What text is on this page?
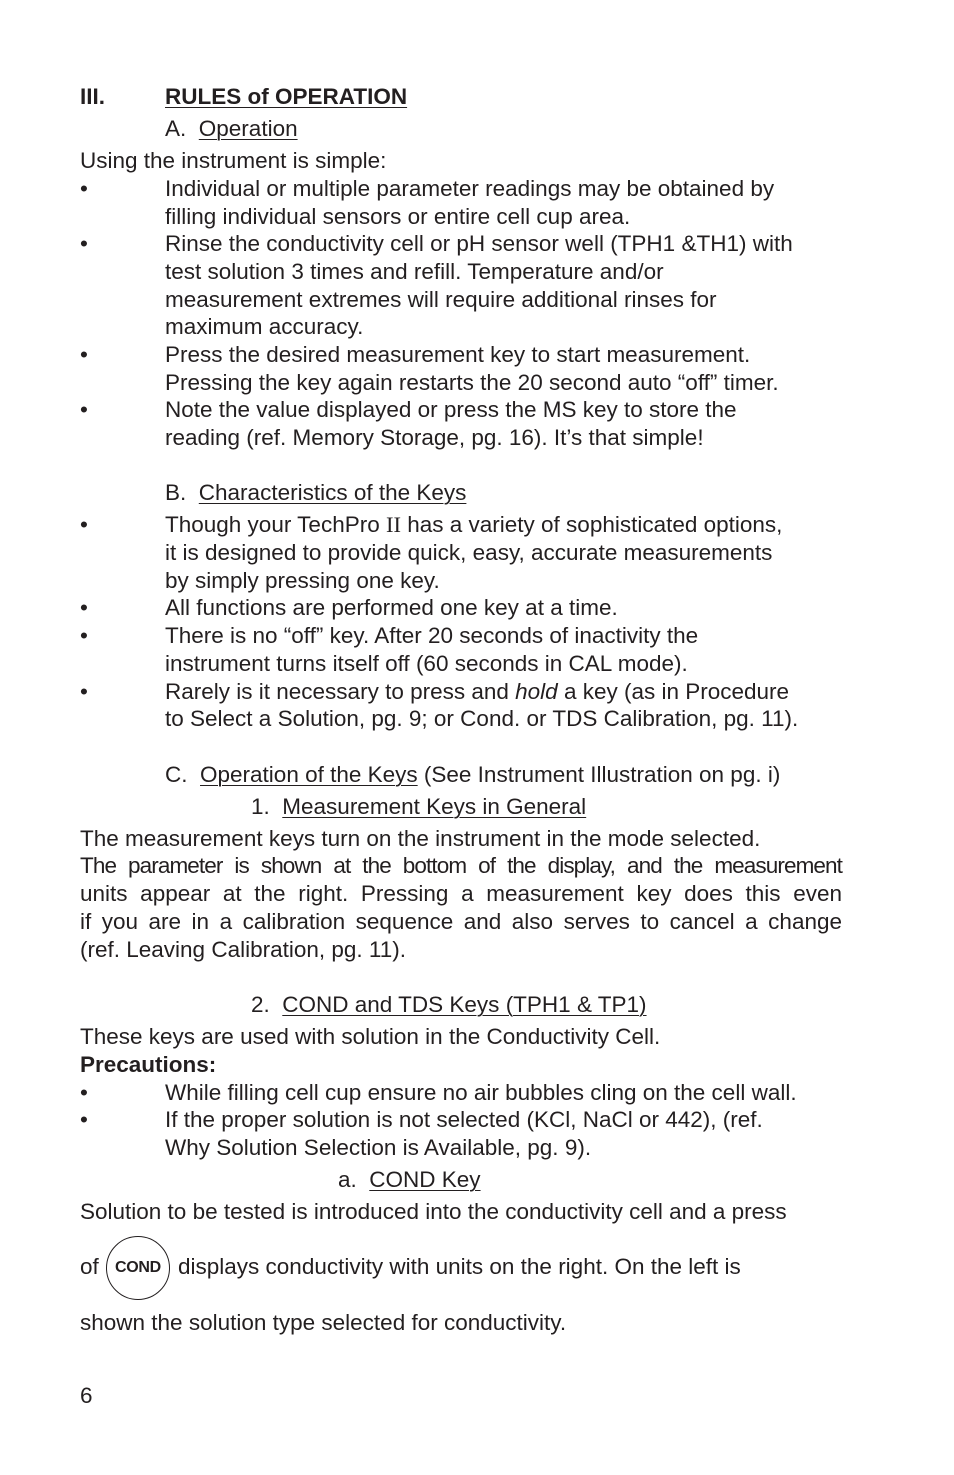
III.	RULES of OPERATION
A. Operation
Using the instrument is simple:
•	Individual or multiple parameter readings may be obtained by
filling individual sensors or entire cell cup area.
•	Rinse the conductivity cell or pH sensor well (TPH1 &TH1) with
test solution 3 times and refill. Temperature and/or
measurement extremes will require additional rinses for
maximum accuracy.
•	Press the desired measurement key to start measurement.
Pressing the key again restarts the 20 second auto “off” timer.
•	Note the value displayed or press the MS key to store the
reading (ref. Memory Storage, pg. 16). It’s that simple!
B. Characteristics of the Keys
•	Though your TechPro II has a variety of sophisticated options,
it is designed to provide quick, easy, accurate measurements
by simply pressing one key.
•	All functions are performed one key at a time.
•	There is no “off” key. After 20 seconds of inactivity the
instrument turns itself off (60 seconds in CAL mode).
•	Rarely is it necessary to press and hold a key (as in Procedure
to Select a Solution, pg. 9; or Cond. or TDS Calibration, pg. 11).
C. Operation of the Keys (See Instrument Illustration on pg. i)
1. Measurement Keys in General
The measurement keys turn on the instrument in the mode selected.
The parameter is shown at the bottom of the display, and the measurement
units appear at the right. Pressing a measurement key does this even
if you are in a calibration sequence and also serves to cancel a change
(ref. Leaving Calibration, pg. 11).
2. COND and TDS Keys (TPH1 & TP1)
These keys are used with solution in the Conductivity Cell.
Precautions:
•	While filling cell cup ensure no air bubbles cling on the cell wall.
•	If the proper solution is not selected (KCl, NaCl or 442), (ref.
Why Solution Selection is Available, pg. 9).
a. COND Key
Solution to be tested is introduced into the conductivity cell and a press
of	COND displays conductivity with units on the right. On the left is
shown the solution type selected for conductivity.
6
